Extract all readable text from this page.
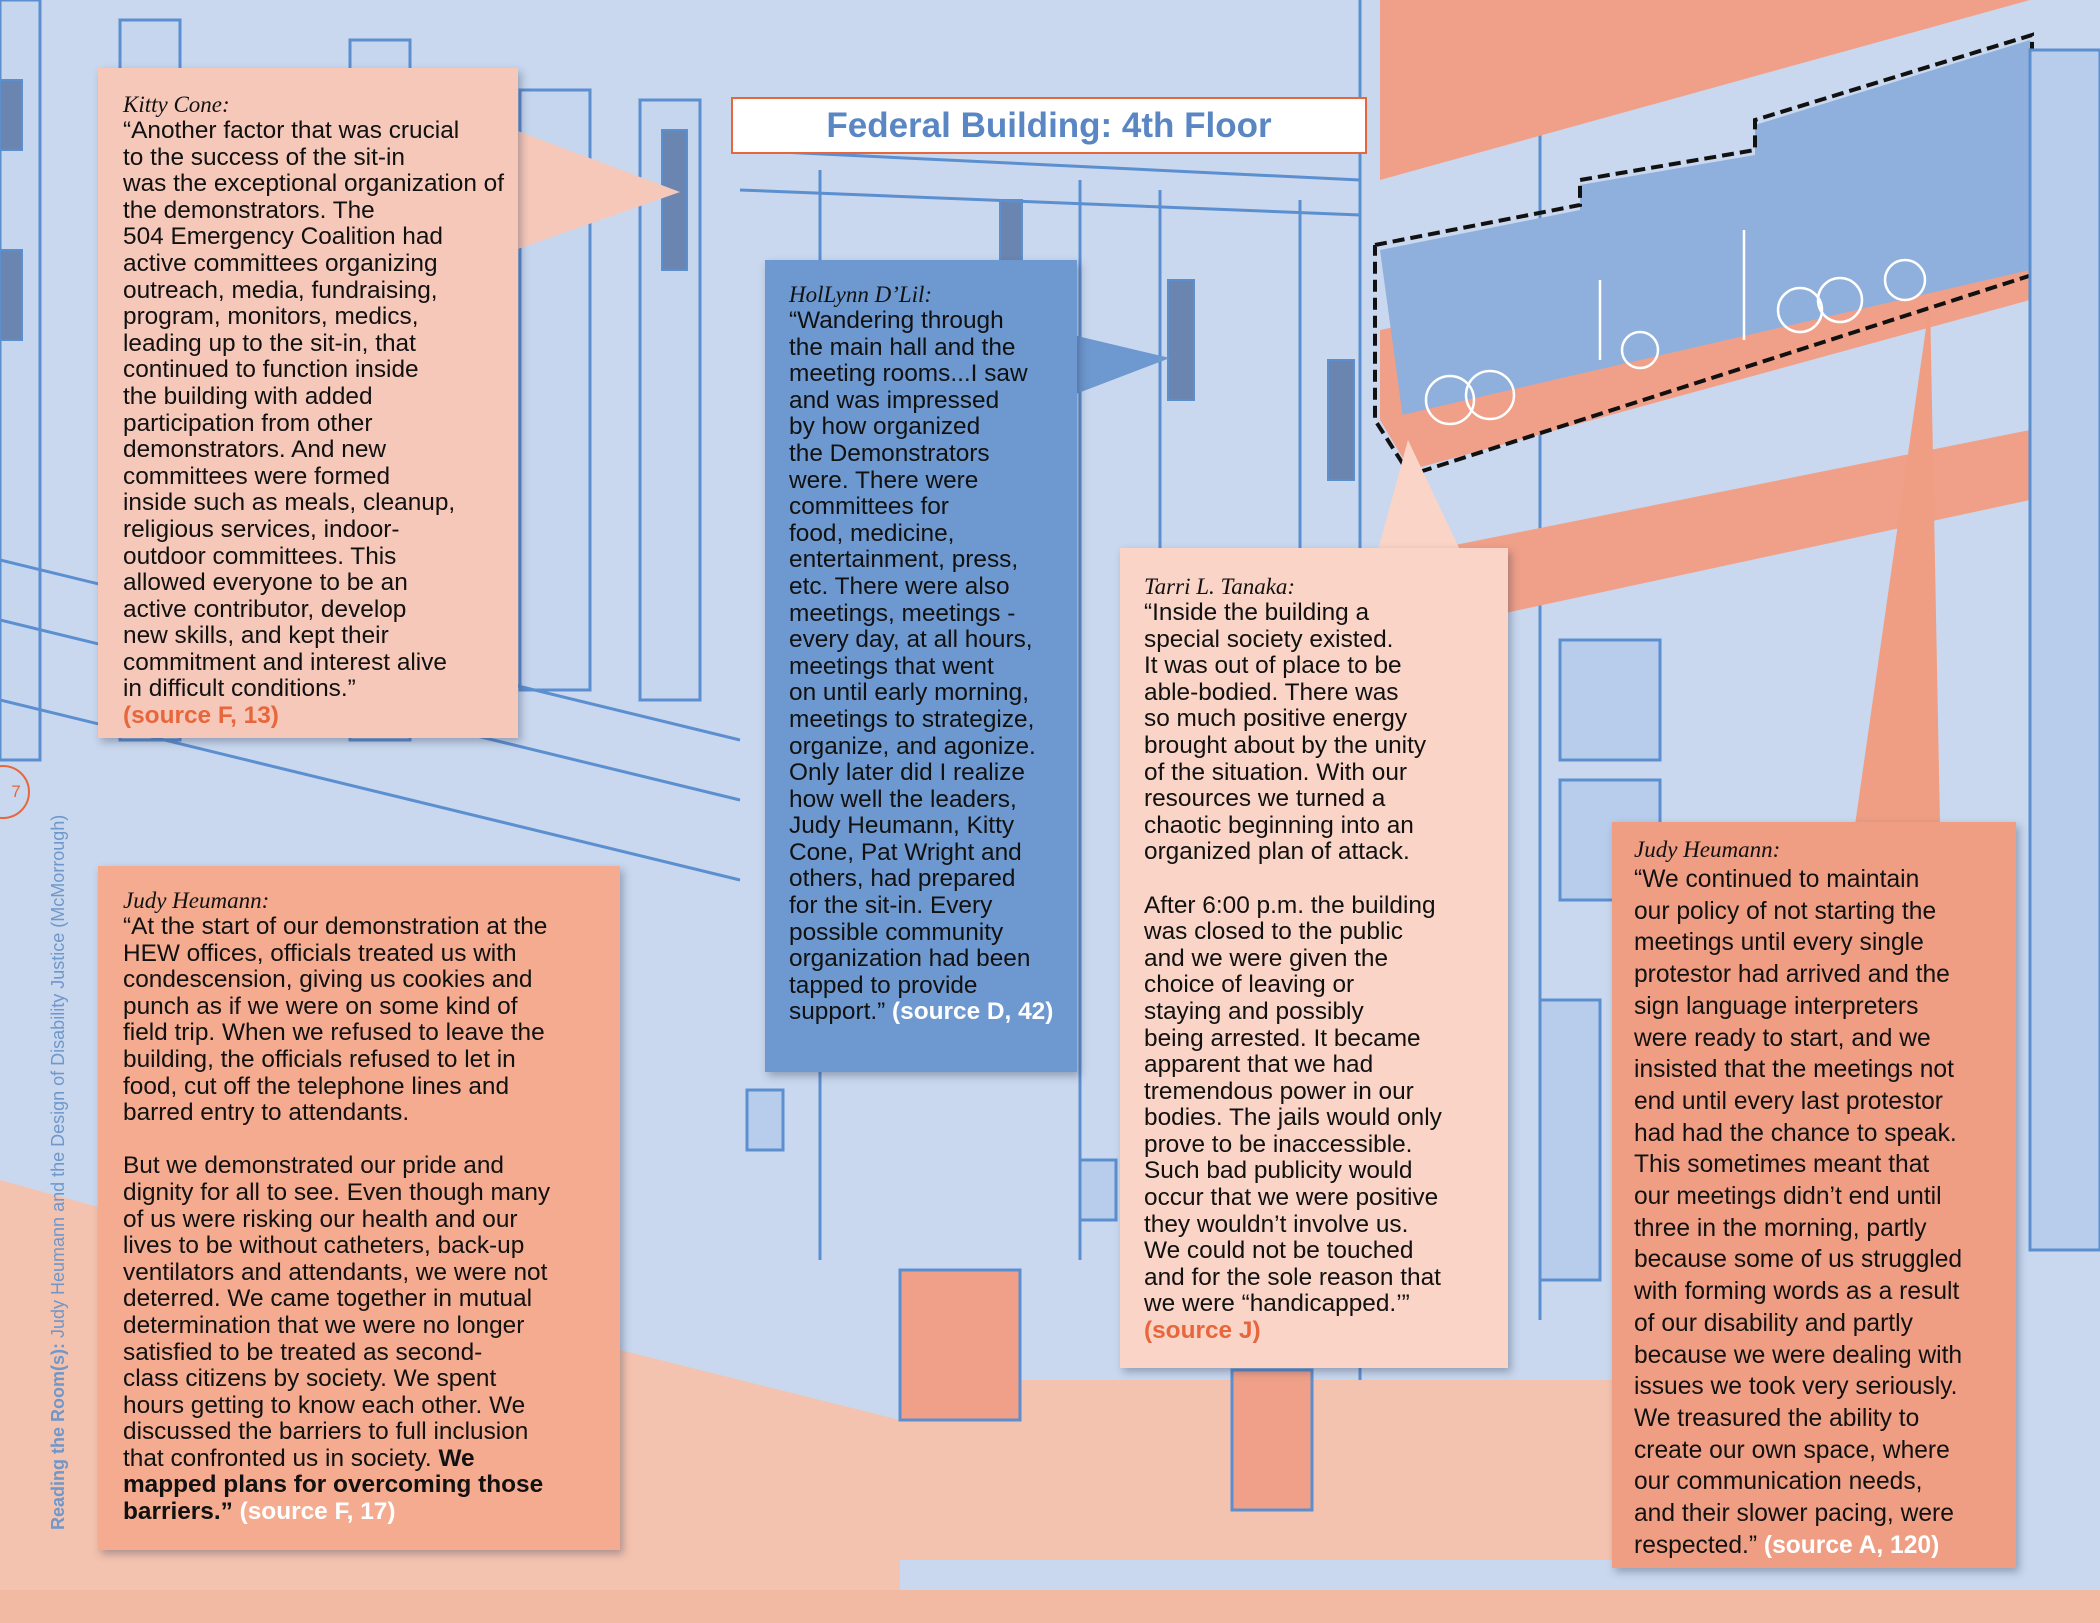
Federal Building: 4th Floor
7
Reading the Room(s): Judy Heumann and the Design of Disability Justice (McMorrough)
Kitty Cone:
“Another factor that was crucial
to the success of the sit-in
was the exceptional organization of
the demonstrators. The
504 Emergency Coalition had
active committees organizing
outreach, media, fundraising,
program, monitors, medics,
leading up to the sit-in, that
continued to function inside
the building with added
participation from other
demonstrators. And new
committees were formed
inside such as meals, cleanup,
religious services, indoor-
outdoor committees. This
allowed everyone to be an
active contributor, develop
new skills, and kept their
commitment and interest alive
in difficult conditions.”
(source F, 13)
HolLynn D’Lil:
“Wandering through
the main hall and the
meeting rooms...I saw
and was impressed
by how organized
the Demonstrators
were. There were
committees for
food, medicine,
entertainment, press,
etc. There were also
meetings, meetings -
every day, at all hours,
meetings that went
on until early morning,
meetings to strategize,
organize, and agonize.
Only later did I realize
how well the leaders,
Judy Heumann, Kitty
Cone, Pat Wright and
others, had prepared
for the sit-in. Every
possible community
organization had been
tapped to provide
support.” (source D, 42)
Judy Heumann:
“At the start of our demonstration at the
HEW offices, officials treated us with
condescension, giving us cookies and
punch as if we were on some kind of
field trip. When we refused to leave the
building, the officials refused to let in
food, cut off the telephone lines and
barred entry to attendants.

But we demonstrated our pride and
dignity for all to see. Even though many
of us were risking our health and our
lives to be without catheters, back-up
ventilators and attendants, we were not
deterred. We came together in mutual
determination that we were no longer
satisfied to be treated as second-
class citizens by society. We spent
hours getting to know each other. We
discussed the barriers to full inclusion
that confronted us in society. We
mapped plans for overcoming those
barriers.” (source F, 17)
Tarri L. Tanaka:
“Inside the building a
special society existed.
It was out of place to be
able-bodied. There was
so much positive energy
brought about by the unity
of the situation. With our
resources we turned a
chaotic beginning into an
organized plan of attack.

After 6:00 p.m. the building
was closed to the public
and we were given the
choice of leaving or
staying and possibly
being arrested. It became
apparent that we had
tremendous power in our
bodies. The jails would only
prove to be inaccessible.
Such bad publicity would
occur that we were positive
they wouldn’t involve us.
We could not be touched
and for the sole reason that
we were “handicapped.’”
(source J)
Judy Heumann:
“We continued to maintain
our policy of not starting the
meetings until every single
protestor had arrived and the
sign language interpreters
were ready to start, and we
insisted that the meetings not
end until every last protestor
had had the chance to speak.
This sometimes meant that
our meetings didn’t end until
three in the morning, partly
because some of us struggled
with forming words as a result
of our disability and partly
because we were dealing with
issues we took very seriously.
We treasured the ability to
create our own space, where
our communication needs,
and their slower pacing, were
respected.” (source A, 120)
